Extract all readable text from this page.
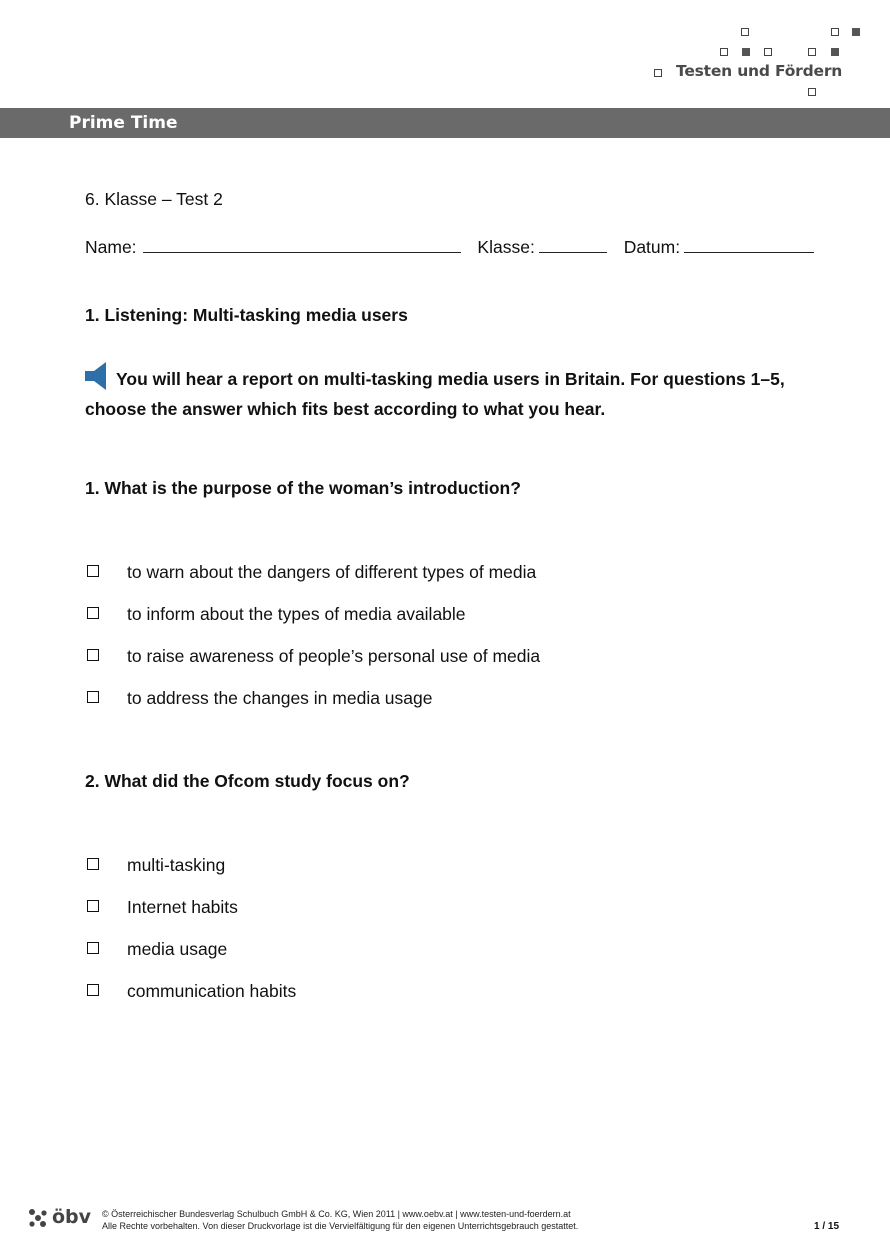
Testen und Fördern
Prime Time
6. Klasse – Test 2
Name:	Klasse:	Datum:
1. Listening: Multi-tasking media users
You will hear a report on multi-tasking media users in Britain. For questions 1–5,
choose the answer which fits best according to what you hear.
1. What is the purpose of the woman’s introduction?
to warn about the dangers of different types of media
to inform about the types of media available
to raise awareness of people’s personal use of media
to address the changes in media usage
2. What did the Ofcom study focus on?
multi-tasking
Internet habits
media usage
communication habits
öbv © Österreichischer Bundesverlag Schulbuch GmbH & Co. KG, Wien 2011 | www.oebv.at | www.testen-und-foerdern.at
Alle Rechte vorbehalten. Von dieser Druckvorlage ist die Vervielfältigung für den eigenen Unterrichtsgebrauch gestattet.	1 / 15
